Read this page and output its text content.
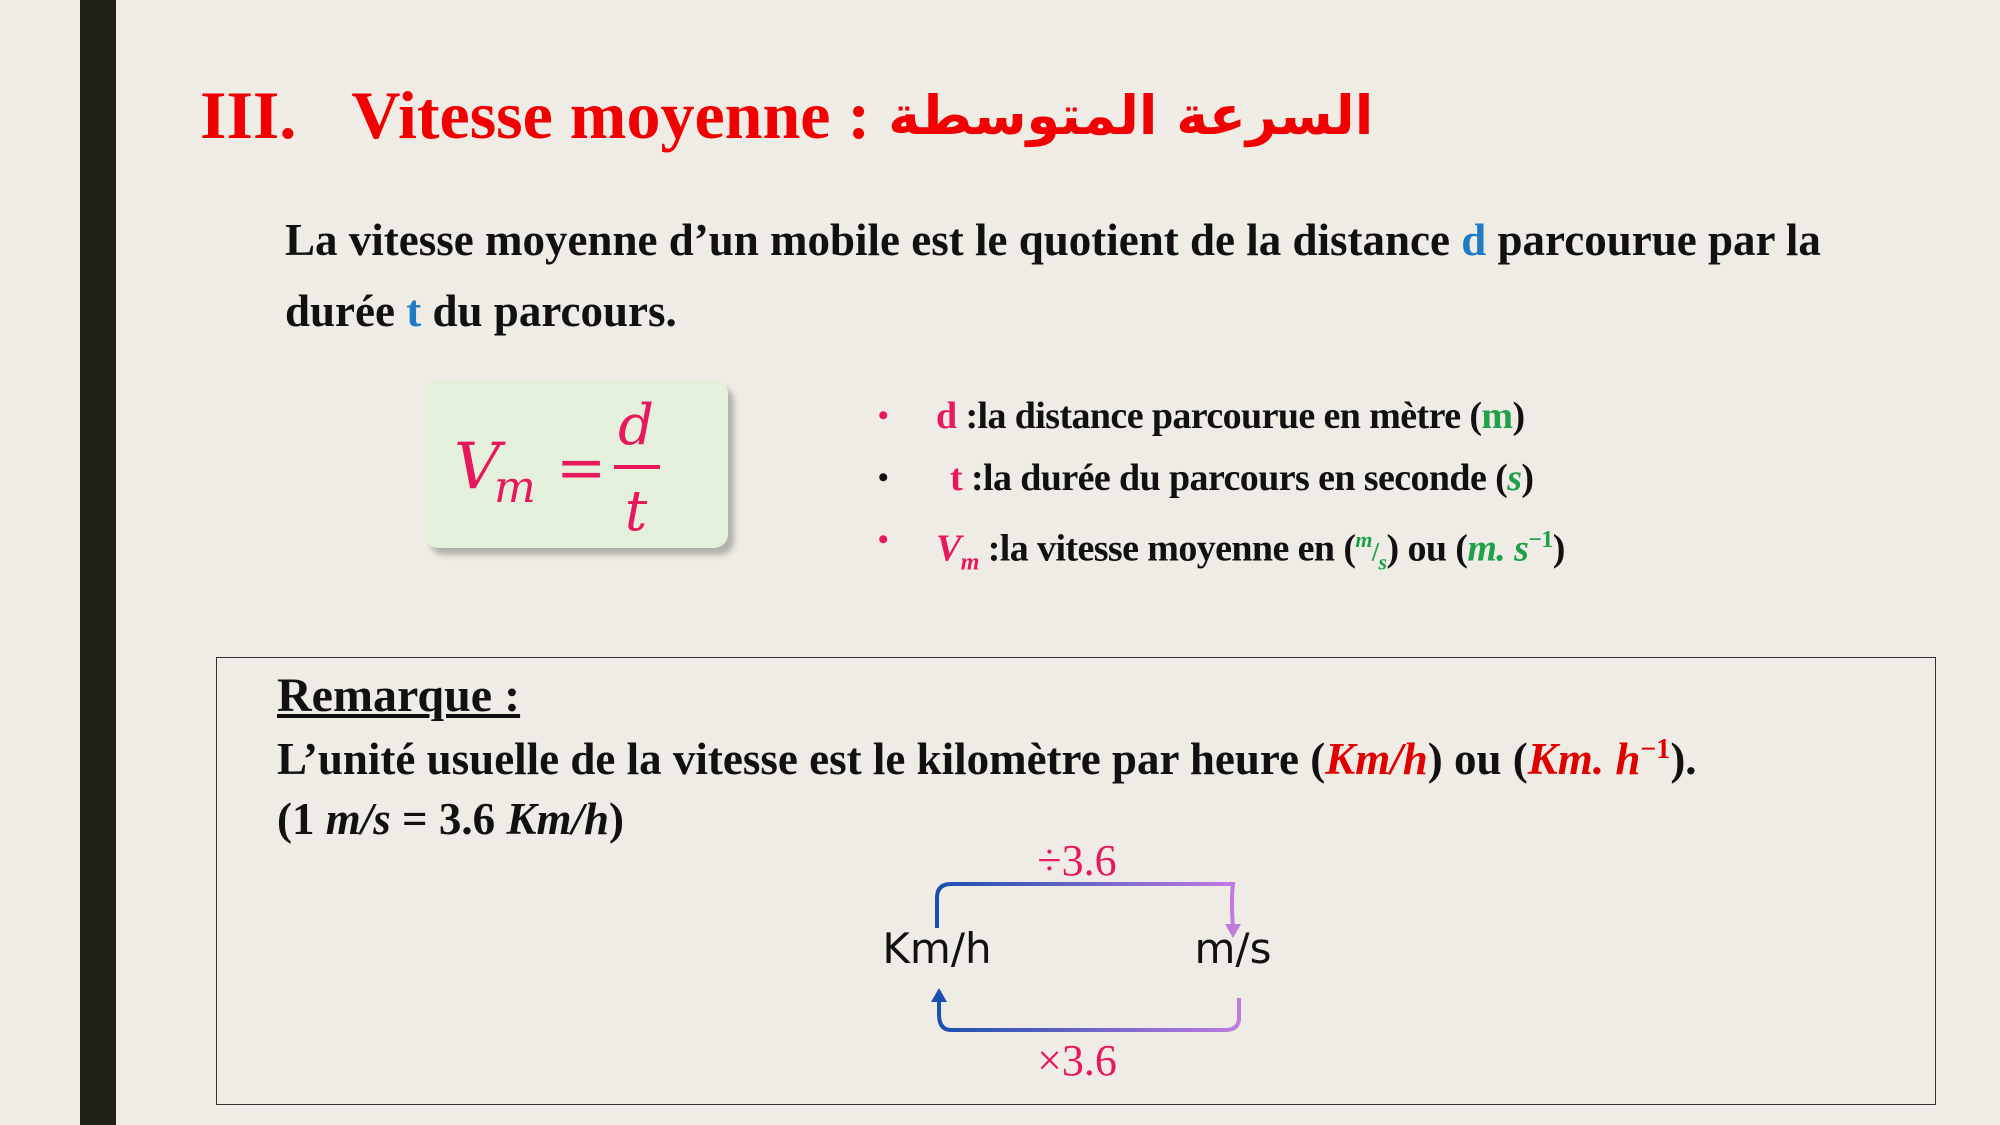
III. Vitesse moyenne : السرعة المتوسطة
La vitesse moyenne d’un mobile est le quotient de la distance d parcourue par la durée t du parcours.
V
m =
d
t
• d :la distance parcourue en mètre (m)
• t :la durée du parcours en seconde (s)
• $V_m$ :la vitesse moyenne en $(^m/_s)$ ou (m. $s^{-1}$)
Remarque :
L’unité usuelle de la vitesse est le kilomètre par heure (Km/h) ou (Km. $h^{-1}$).
(1 m/s = 3.6 Km/h)
÷3.6
Km/h	m/s
×3.6
